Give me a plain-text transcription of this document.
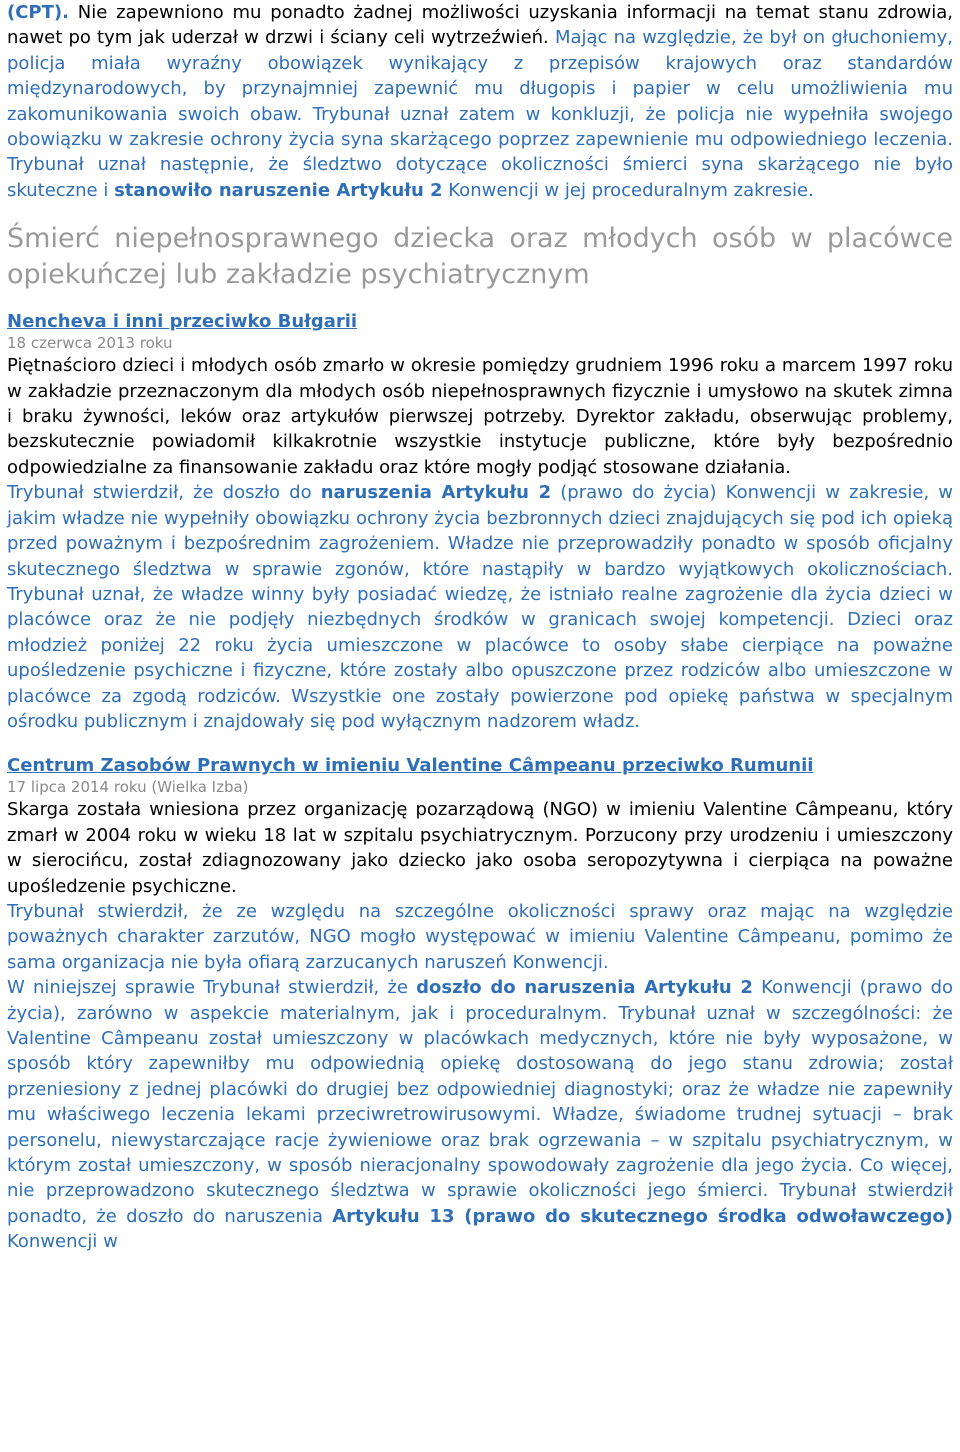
(CPT). Nie zapewniono mu ponadto żadnej możliwości uzyskania informacji na temat stanu zdrowia, nawet po tym jak uderzał w drzwi i ściany celi wytrzeźwień. Mając na względzie, że był on głuchoniemy, policja miała wyraźny obowiązek wynikający z przepisów krajowych oraz standardów międzynarodowych, by przynajmniej zapewnić mu długopis i papier w celu umożliwienia mu zakomunikowania swoich obaw. Trybunał uznał zatem w konkluzji, że policja nie wypełniła swojego obowiązku w zakresie ochrony życia syna skarżącego poprzez zapewnienie mu odpowiedniego leczenia. Trybunał uznał następnie, że śledztwo dotyczące okoliczności śmierci syna skarżącego nie było skuteczne i stanowiło naruszenie Artykułu 2 Konwencji w jej proceduralnym zakresie.

Śmierć niepełnosprawnego dziecka oraz młodych osób w placówce opiekuńczej lub zakładzie psychiatrycznym
Nencheva i inni przeciwko Bułgarii
18 czerwca 2013 roku

Piętnaścioro dzieci i młodych osób zmarło w okresie pomiędzy grudniem 1996 roku a marcem 1997 roku w zakładzie przeznaczonym dla młodych osób niepełnosprawnych fizycznie i umysłowo na skutek zimna i braku żywności, leków oraz artykułów pierwszej potrzeby. Dyrektor zakładu, obserwując problemy, bezskutecznie powiadomił kilkakrotnie wszystkie instytucje publiczne, które były bezpośrednio odpowiedzialne za finansowanie zakładu oraz które mogły podjąć stosowane działania.

Trybunał stwierdził, że doszło do naruszenia Artykułu 2 (prawo do życia) Konwencji w zakresie, w jakim władze nie wypełniły obowiązku ochrony życia bezbronnych dzieci znajdujących się pod ich opieką przed poważnym i bezpośrednim zagrożeniem. Władze nie przeprowadziły ponadto w sposób oficjalny skutecznego śledztwa w sprawie zgonów, które nastąpiły w bardzo wyjątkowych okolicznościach. Trybunał uznał, że władze winny były posiadać wiedzę, że istniało realne zagrożenie dla życia dzieci w placówce oraz że nie podjęły niezbędnych środków w granicach swojej kompetencji. Dzieci oraz młodzież poniżej 22 roku życia umieszczone w placówce to osoby słabe cierpiące na poważne upośledzenie psychiczne i fizyczne, które zostały albo opuszczone przez rodziców albo umieszczone w placówce za zgodą rodziców. Wszystkie one zostały powierzone pod opiekę państwa w specjalnym ośrodku publicznym i znajdowały się pod wyłącznym nadzorem władz.

Centrum Zasobów Prawnych w imieniu Valentine Câmpeanu przeciwko Rumunii
17 lipca 2014 roku (Wielka Izba)

Skarga została wniesiona przez organizację pozarządową (NGO) w imieniu Valentine Câmpeanu, który zmarł w 2004 roku w wieku 18 lat w szpitalu psychiatrycznym. Porzucony przy urodzeniu i umieszczony w sierocińcu, został zdiagnozowany jako dziecko jako osoba seropozytywna i cierpiąca na poważne upośledzenie psychiczne.

Trybunał stwierdził, że ze względu na szczególne okoliczności sprawy oraz mając na względzie poważnych charakter zarzutów, NGO mogło występować w imieniu Valentine Câmpeanu, pomimo że sama organizacja nie była ofiarą zarzucanych naruszeń Konwencji.

W niniejszej sprawie Trybunał stwierdził, że doszło do naruszenia Artykułu 2 Konwencji (prawo do życia), zarówno w aspekcie materialnym, jak i proceduralnym. Trybunał uznał w szczególności: że Valentine Câmpeanu został umieszczony w placówkach medycznych, które nie były wyposażone, w sposób który zapewniłby mu odpowiednią opiekę dostosowaną do jego stanu zdrowia; został przeniesiony z jednej placówki do drugiej bez odpowiedniej diagnostyki; oraz że władze nie zapewniły mu właściwego leczenia lekami przeciwretrowirusowymi. Władze, świadome trudnej sytuacji – brak personelu, niewystarczające racje żywieniowe oraz brak ogrzewania – w szpitalu psychiatrycznym, w którym został umieszczony, w sposób nieracjonalny spowodowały zagrożenie dla jego życia. Co więcej, nie przeprowadzono skutecznego śledztwa w sprawie okoliczności jego śmierci. Trybunał stwierdził ponadto, że doszło do naruszenia Artykułu 13 (prawo do skutecznego środka odwoławczego) Konwencji w
